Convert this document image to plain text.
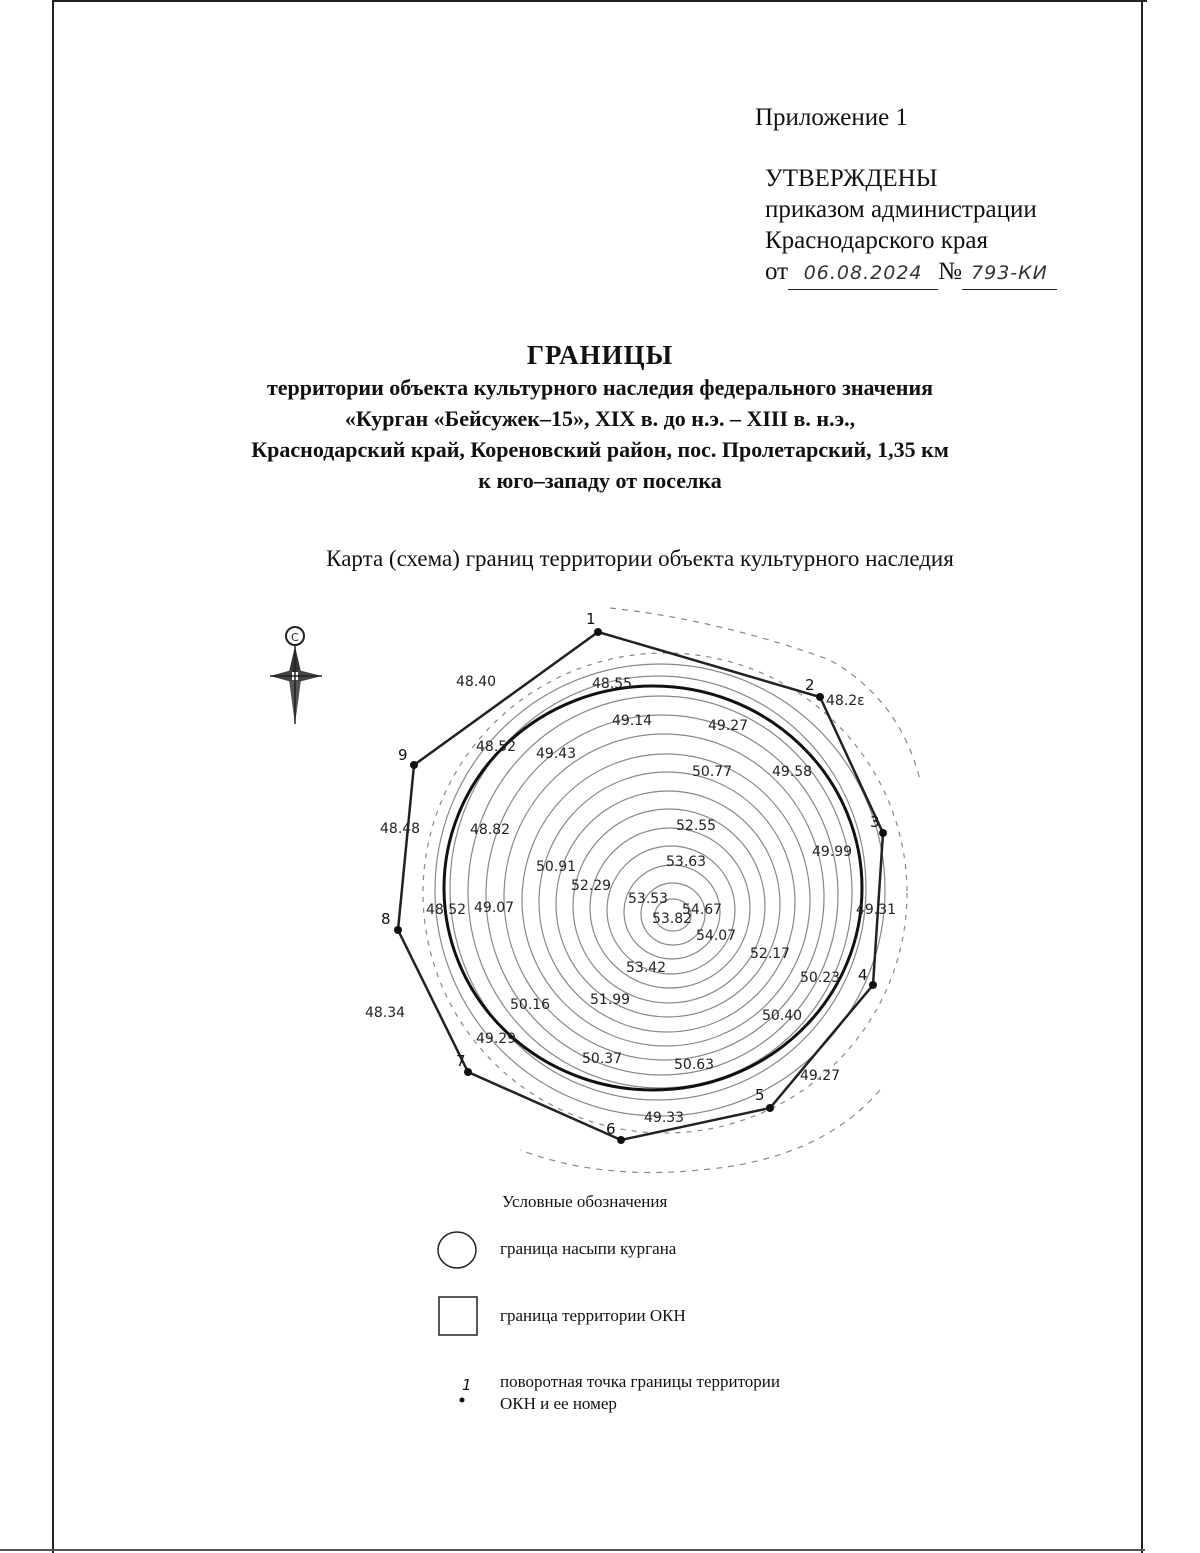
Приложение 1
УТВЕРЖДЕНЫ
приказом администрации
Краснодарского края
от 06.08.2024 № 793-КИ
ГРАНИЦЫ
территории объекта культурного наследия федерального значения
«Курган «Бейсужек–15», XIX в. до н.э. – XIII в. н.э.,
Краснодарский край, Кореновский район, пос. Пролетарский, 1,35 км
к юго–западу от поселка
Карта (схема) границ территории объекта культурного наследия
C
1
2
3
4
5
6
7
8
9
48.40	48.55
48.2ε
49.14	49.27
48.52 49.43
50.77	49.58
48.48	48.82	52.55
49.99
50.91	53.63
52.29
49.31
48.52 49.07
53.53
54.67
53.82
54.07
52.17
53.42
50.23
50.16	51.99
48.34	50.40
49.29
50.37	50.63
49.27
49.33
1
Условные обозначения
граница насыпи кургана
граница территории ОКН
поворотная точка границы территории
ОКН и ее номер
